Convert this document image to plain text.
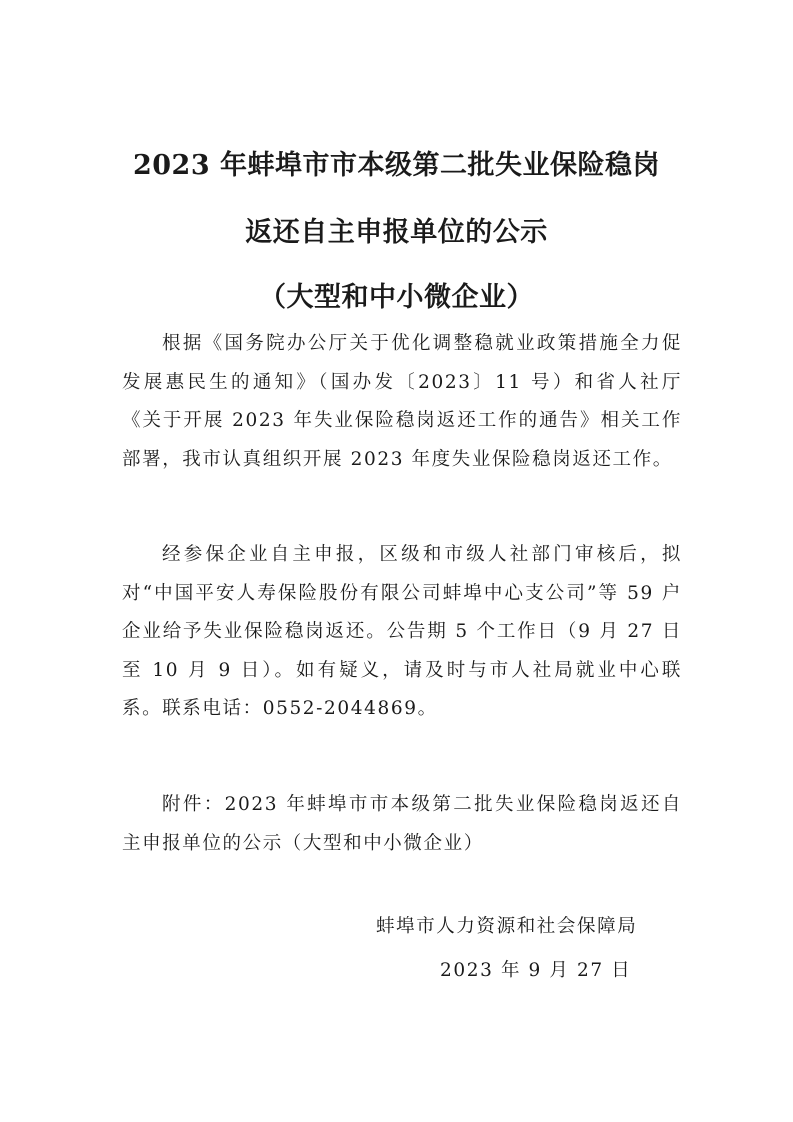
2023 年蚌埠市市本级第二批失业保险稳岗
返还自主申报单位的公示
（大型和中小微企业）
根据《国务院办公厅关于优化调整稳就业政策措施全力促发展惠民生的通知》（国办发〔2023〕11 号）和省人社厅《关于开展 2023 年失业保险稳岗返还工作的通告》相关工作部署，我市认真组织开展 2023 年度失业保险稳岗返还工作。
经参保企业自主申报，区级和市级人社部门审核后，拟对“中国平安人寿保险股份有限公司蚌埠中心支公司”等 59 户企业给予失业保险稳岗返还。公告期 5 个工作日（9 月 27 日至 10 月 9 日）。如有疑义，请及时与市人社局就业中心联系。联系电话：0552-2044869。
附件：2023 年蚌埠市市本级第二批失业保险稳岗返还自主申报单位的公示（大型和中小微企业）
蚌埠市人力资源和社会保障局
2023 年 9 月 27 日
